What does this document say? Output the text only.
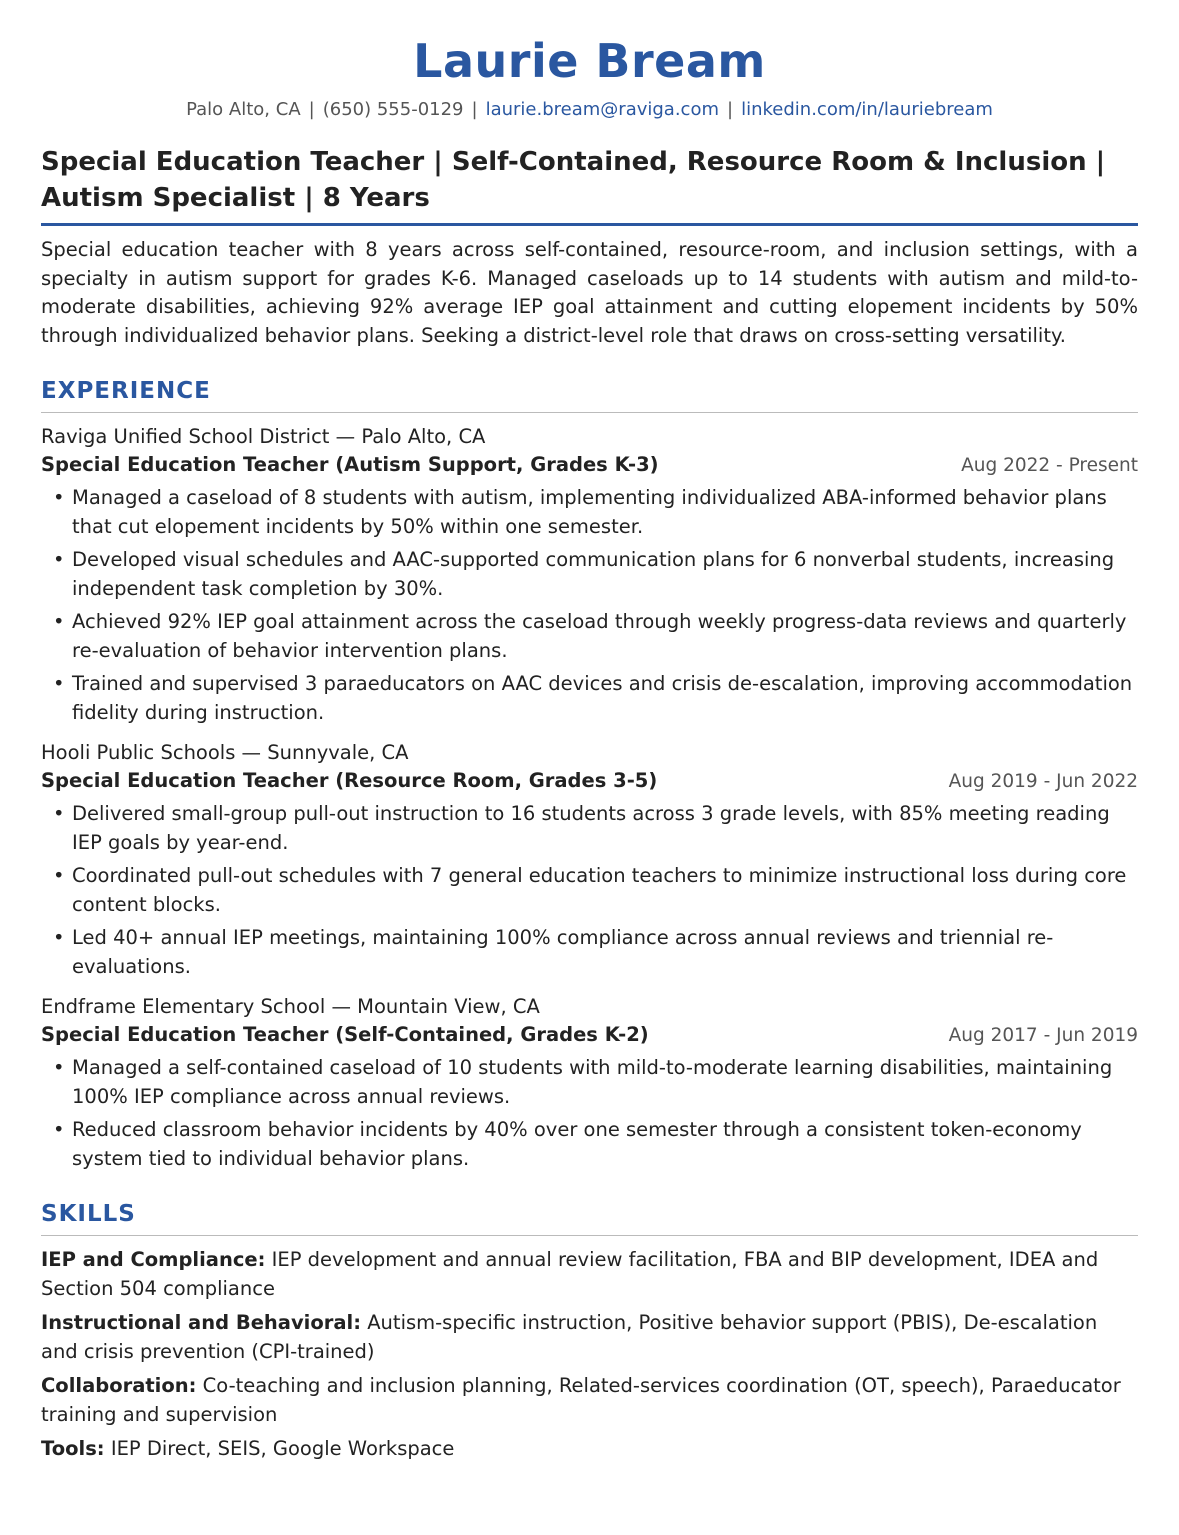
Laurie Bream
Palo Alto, CA | (650) 555-0129 | laurie.bream@raviga.com | linkedin.com/in/lauriebream
Special Education Teacher | Self-Contained, Resource Room & Inclusion | Autism Specialist | 8 Years
Special education teacher with 8 years across self-contained, resource-room, and inclusion settings, with a specialty in autism support for grades K-6. Managed caseloads up to 14 students with autism and mild-to-moderate disabilities, achieving 92% average IEP goal attainment and cutting elopement incidents by 50% through individualized behavior plans. Seeking a district-level role that draws on cross-setting versatility.
EXPERIENCE
Raviga Unified School District — Palo Alto, CA
Special Education Teacher (Autism Support, Grades K-3)	Aug 2022 - Present
• Managed a caseload of 8 students with autism, implementing individualized ABA-informed behavior plans that cut elopement incidents by 50% within one semester.
• Developed visual schedules and AAC-supported communication plans for 6 nonverbal students, increasing independent task completion by 30%.
• Achieved 92% IEP goal attainment across the caseload through weekly progress-data reviews and quarterly re-evaluation of behavior intervention plans.
• Trained and supervised 3 paraeducators on AAC devices and crisis de-escalation, improving accommodation fidelity during instruction.
Hooli Public Schools — Sunnyvale, CA
Special Education Teacher (Resource Room, Grades 3-5)	Aug 2019 - Jun 2022
• Delivered small-group pull-out instruction to 16 students across 3 grade levels, with 85% meeting reading IEP goals by year-end.
• Coordinated pull-out schedules with 7 general education teachers to minimize instructional loss during core content blocks.
• Led 40+ annual IEP meetings, maintaining 100% compliance across annual reviews and triennial re-evaluations.
Endframe Elementary School — Mountain View, CA
Special Education Teacher (Self-Contained, Grades K-2)	Aug 2017 - Jun 2019
• Managed a self-contained caseload of 10 students with mild-to-moderate learning disabilities, maintaining 100% IEP compliance across annual reviews.
• Reduced classroom behavior incidents by 40% over one semester through a consistent token-economy system tied to individual behavior plans.
SKILLS
IEP and Compliance: IEP development and annual review facilitation, FBA and BIP development, IDEA and Section 504 compliance
Instructional and Behavioral: Autism-specific instruction, Positive behavior support (PBIS), De-escalation and crisis prevention (CPI-trained)
Collaboration: Co-teaching and inclusion planning, Related-services coordination (OT, speech), Paraeducator training and supervision
Tools: IEP Direct, SEIS, Google Workspace
